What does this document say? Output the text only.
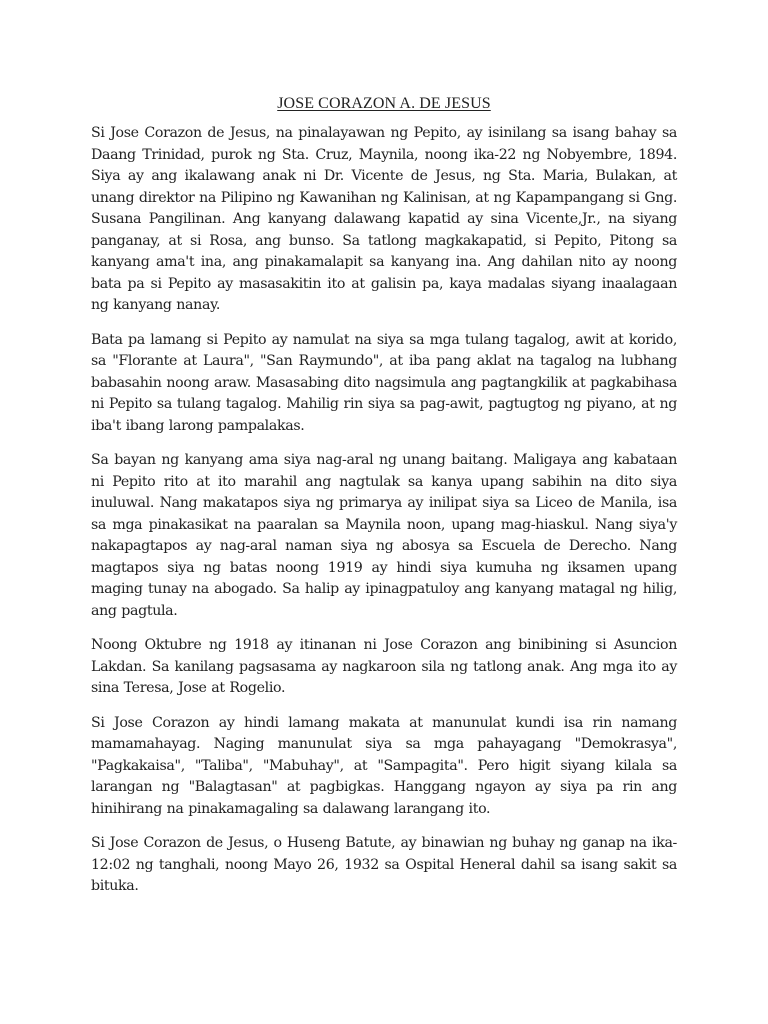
JOSE CORAZON A. DE JESUS

Si Jose Corazon de Jesus, na pinalayawan ng Pepito, ay isinilang sa isang bahay sa Daang Trinidad, purok ng Sta. Cruz, Maynila, noong ika-22 ng Nobyembre, 1894. Siya ay ang ikalawang anak ni Dr. Vicente de Jesus, ng Sta. Maria, Bulakan, at unang direktor na Pilipino ng Kawanihan ng Kalinisan, at ng Kapampangang si Gng. Susana Pangilinan. Ang kanyang dalawang kapatid ay sina Vicente,Jr., na siyang panganay, at si Rosa, ang bunso. Sa tatlong magkakapatid, si Pepito, Pitong sa kanyang ama't ina, ang pinakamalapit sa kanyang ina. Ang dahilan nito ay noong bata pa si Pepito ay masasakitin ito at galisin pa, kaya madalas siyang inaalagaan ng kanyang nanay.

Bata pa lamang si Pepito ay namulat na siya sa mga tulang tagalog, awit at korido, sa "Florante at Laura", "San Raymundo", at iba pang aklat na tagalog na lubhang babasahin noong araw. Masasabing dito nagsimula ang pagtangkilik at pagkabihasa ni Pepito sa tulang tagalog. Mahilig rin siya sa pag-awit, pagtugtog ng piyano, at ng iba't ibang larong pampalakas.

Sa bayan ng kanyang ama siya nag-aral ng unang baitang. Maligaya ang kabataan ni Pepito rito at ito marahil ang nagtulak sa kanya upang sabihin na dito siya inuluwal. Nang makatapos siya ng primarya ay inilipat siya sa Liceo de Manila, isa sa mga pinakasikat na paaralan sa Maynila noon, upang mag-hiaskul. Nang siya'y nakapagtapos ay nag-aral naman siya ng abosya sa Escuela de Derecho. Nang magtapos siya ng batas noong 1919 ay hindi siya kumuha ng iksamen upang maging tunay na abogado. Sa halip ay ipinagpatuloy ang kanyang matagal ng hilig, ang pagtula.

Noong Oktubre ng 1918 ay itinanan ni Jose Corazon ang binibining si Asuncion Lakdan. Sa kanilang pagsasama ay nagkaroon sila ng tatlong anak. Ang mga ito ay sina Teresa, Jose at Rogelio.

Si Jose Corazon ay hindi lamang makata at manunulat kundi isa rin namang mamamahayag. Naging manunulat siya sa mga pahayagang "Demokrasya", "Pagkakaisa", "Taliba", "Mabuhay", at "Sampagita". Pero higit siyang kilala sa larangan ng "Balagtasan" at pagbigkas. Hanggang ngayon ay siya pa rin ang hinihirang na pinakamagaling sa dalawang larangang ito.

Si Jose Corazon de Jesus, o Huseng Batute, ay binawian ng buhay ng ganap na ika-12:02 ng tanghali, noong Mayo 26, 1932 sa Ospital Heneral dahil sa isang sakit sa bituka.
